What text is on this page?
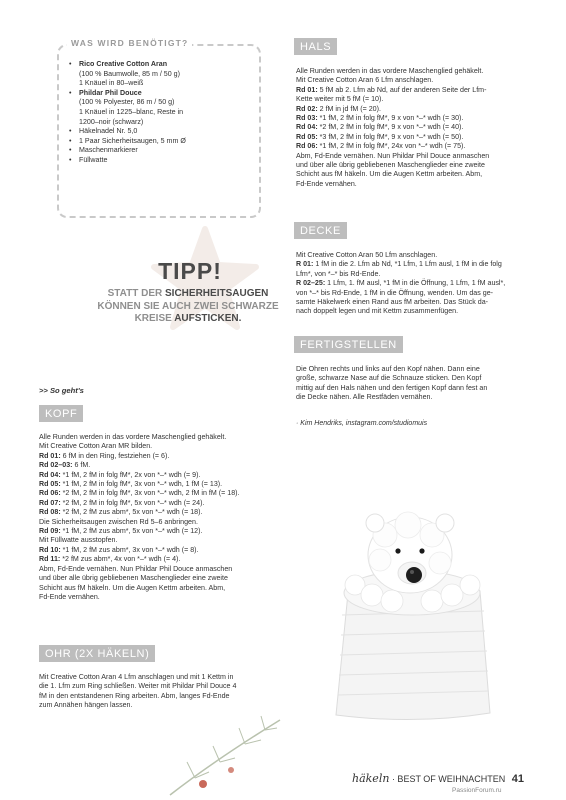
WAS WIRD BENÖTIGT?
• Rico Creative Cotton Aran
(100 % Baumwolle, 85 m / 50 g)
1 Knäuel in 80–weiß
• Phildar Phil Douce
(100 % Polyester, 86 m / 50 g)
1 Knäuel in 1225–blanc, Reste in
1200–noir (schwarz)
• Häkelnadel Nr. 5,0
• 1 Paar Sicherheitsaugen, 5 mm Ø
• Maschenmarkierer
• Füllwatte
TIPP!
STATT DER SICHERHEITSAUGEN
KÖNNEN SIE AUCH ZWEI SCHWARZE
KREISE AUFSTICKEN.
>> So geht's
KOPF

Alle Runden werden in das vordere Maschenglied gehäkelt.

Mit Creative Cotton Aran MR bilden.

Rd 01: 6 fM in den Ring, festziehen (= 6).

Rd 02–03: 6 fM.

Rd 04: *1 fM, 2 fM in folg fM*, 2x von *–* wdh (= 9).

Rd 05: *1 fM, 2 fM in folg fM*, 3x von *–* wdh, 1 fM (= 13).

Rd 06: *2 fM, 2 fM in folg fM*, 3x von *–* wdh, 2 fM in fM (= 18).

Rd 07: *2 fM, 2 fM in folg fM*, 5x von *–* wdh (= 24).

Rd 08: *2 fM, 2 fM zus abm*, 5x von *–* wdh (= 18).

Die Sicherheitsaugen zwischen Rd 5–6 anbringen.

Rd 09: *1 fM, 2 fM zus abm*, 5x von *–* wdh (= 12).

Mit Füllwatte ausstopfen.

Rd 10: *1 fM, 2 fM zus abm*, 3x von *–* wdh (= 8).

Rd 11: *2 fM zus abm*, 4x von *–* wdh (= 4).

Abm, Fd-Ende vernähen. Nun Phildar Phil Douce anmaschen

und über alle übrig gebliebenen Maschenglieder eine zweite

Schicht aus fM häkeln. Um die Augen Kettm arbeiten. Abm,

Fd-Ende vernähen.

OHR (2X HÄKELN)

Mit Creative Cotton Aran 4 Lfm anschlagen und mit 1 Kettm in

die 1. Lfm zum Ring schließen. Weiter mit Phildar Phil Douce 4

fM in den entstandenen Ring arbeiten. Abm, langes Fd-Ende

zum Annähen hängen lassen.

HALS

Alle Runden werden in das vordere Maschenglied gehäkelt.

Mit Creative Cotton Aran 6 Lfm anschlagen.

Rd 01: 5 fM ab 2. Lfm ab Nd, auf der anderen Seite der Lfm-

Kette weiter mit 5 fM (= 10).

Rd 02: 2 fM in jd fM (= 20).

Rd 03: *1 fM, 2 fM in folg fM*, 9 x von *–* wdh (= 30).

Rd 04: *2 fM, 2 fM in folg fM*, 9 x von *–* wdh (= 40).

Rd 05: *3 fM, 2 fM in folg fM*, 9 x von *–* wdh (= 50).

Rd 06: *1 fM, 2 fM in folg fM*, 24x von *–* wdh (= 75).

Abm, Fd-Ende vernähen. Nun Phildar Phil Douce anmaschen

und über alle übrig gebliebenen Maschenglieder eine zweite

Schicht aus fM häkeln. Um die Augen Kettm arbeiten. Abm,

Fd-Ende vernähen.

DECKE

Mit Creative Cotton Aran 50 Lfm anschlagen.

R 01: 1 fM in die 2. Lfm ab Nd, *1 Lfm, 1 Lfm ausl, 1 fM in die folg

Lfm*, von *–* bis Rd-Ende.

R 02–25: 1 Lfm, 1. fM ausl, *1 fM in die Öffnung, 1 Lfm, 1 fM ausl*,

von *–* bis Rd-Ende, 1 fM in die Öffnung, wenden. Um das ge-

samte Häkelwerk einen Rand aus fM arbeiten. Das Stück da-

nach doppelt legen und mit Kettm zusammenfügen.

FERTIGSTELLEN

Die Ohren rechts und links auf den Kopf nähen. Dann eine

große, schwarze Nase auf die Schnauze sticken. Den Kopf

mittig auf den Hals nähen und den fertigen Kopf dann fest an

die Decke nähen. Alle Restfäden vernähen.

· Kim Hendriks, instagram.com/studiomuis
häkeln · BEST OF WEIHNACHTEN 41
PassionForum.ru
